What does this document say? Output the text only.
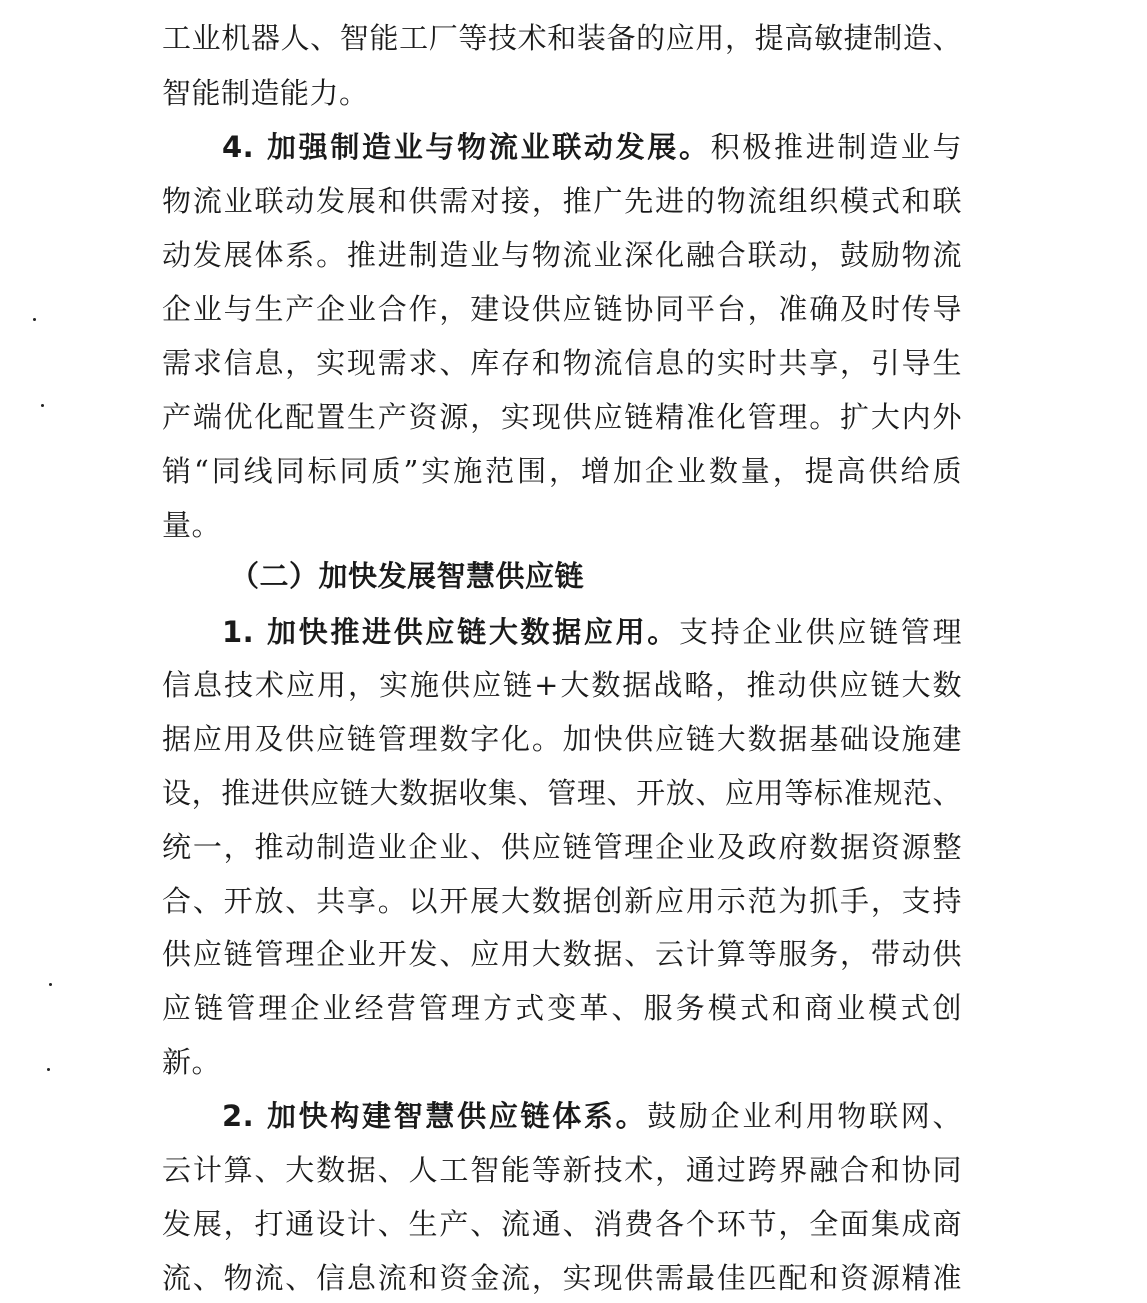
工业机器人、智能工厂等技术和装备的应用，提高敏捷制造、
智能制造能力。
4. 加强制造业与物流业联动发展。积极推进制造业与
物流业联动发展和供需对接，推广先进的物流组织模式和联
动发展体系。推进制造业与物流业深化融合联动，鼓励物流
企业与生产企业合作，建设供应链协同平台，准确及时传导
需求信息，实现需求、库存和物流信息的实时共享，引导生
产端优化配置生产资源，实现供应链精准化管理。扩大内外
销“同线同标同质”实施范围，增加企业数量，提高供给质
量。
（二）加快发展智慧供应链
1. 加快推进供应链大数据应用。支持企业供应链管理
信息技术应用，实施供应链+大数据战略，推动供应链大数
据应用及供应链管理数字化。加快供应链大数据基础设施建
设，推进供应链大数据收集、管理、开放、应用等标准规范、
统一，推动制造业企业、供应链管理企业及政府数据资源整
合、开放、共享。以开展大数据创新应用示范为抓手，支持
供应链管理企业开发、应用大数据、云计算等服务，带动供
应链管理企业经营管理方式变革、服务模式和商业模式创
新。
2. 加快构建智慧供应链体系。鼓励企业利用物联网、
云计算、大数据、人工智能等新技术，通过跨界融合和协同
发展，打通设计、生产、流通、消费各个环节，全面集成商
流、物流、信息流和资金流，实现供需最佳匹配和资源精准
